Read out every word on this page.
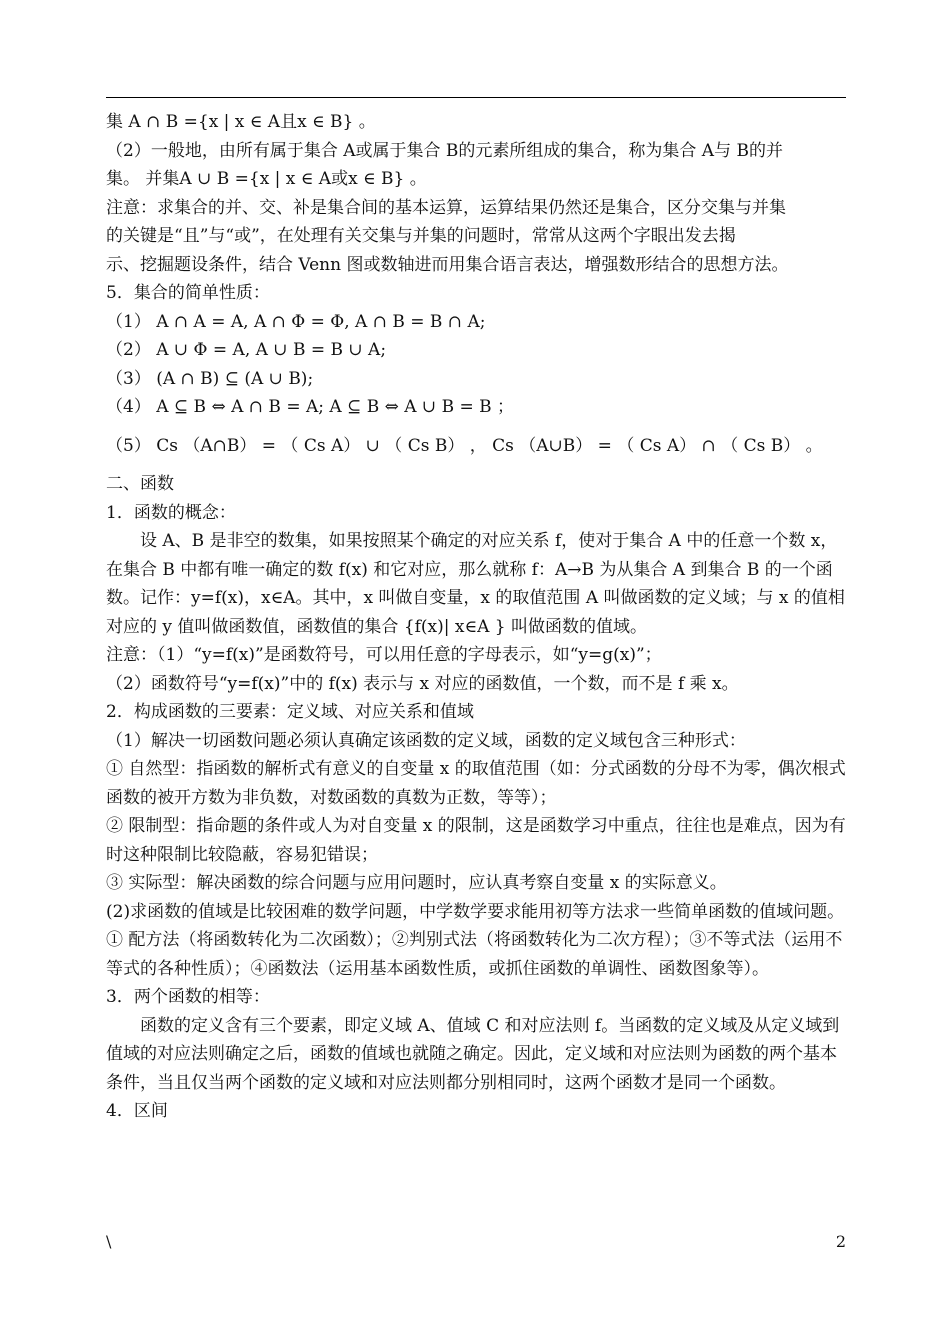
集 A ∩ B ={x | x ∈ A且x ∈ B} 。

（2）一般地，由所有属于集合 A或属于集合 B的元素所组成的集合，称为集合 A与 B的并

集。 并集A ∪ B ={x | x ∈ A或x ∈ B} 。

注意：求集合的并、交、补是集合间的基本运算，运算结果仍然还是集合，区分交集与并集

的关键是“且”与“或”，在处理有关交集与并集的问题时，常常从这两个字眼出发去揭

示、挖掘题设条件，结合 Venn 图或数轴进而用集合语言表达，增强数形结合的思想方法。

5．集合的简单性质：

（1） A ∩ A = A, A ∩ Φ = Φ, A ∩ B = B ∩ A;

（2） A ∪ Φ = A, A ∪ B = B ∪ A;

（3） (A ∩ B) ⊆ (A ∪ B);

（4） A ⊆ B ⇔ A ∩ B = A; A ⊆ B ⇔ A ∪ B = B ；

（5） Cs （A∩B） = （ Cs A） ∪ （ Cs B） ， Cs （A∪B） = （ Cs A） ∩ （ Cs B） 。

二、函数

1．函数的概念：

设 A、B 是非空的数集，如果按照某个确定的对应关系 f，使对于集合 A 中的任意一个数 x，在集合 B 中都有唯一确定的数 f(x) 和它对应，那么就称 f：A→B 为从集合 A 到集合 B 的一个函数。记作：y=f(x)，x∈A。其中，x 叫做自变量，x 的取值范围 A 叫做函数的定义域；与 x 的值相对应的 y 值叫做函数值，函数值的集合 {f(x)| x∈A } 叫做函数的值域。

注意：（1）“y=f(x)”是函数符号，可以用任意的字母表示，如“y=g(x)”；

（2）函数符号“y=f(x)”中的 f(x) 表示与 x 对应的函数值，一个数，而不是 f 乘 x。

2．构成函数的三要素：定义域、对应关系和值域

（1）解决一切函数问题必须认真确定该函数的定义域，函数的定义域包含三种形式：

① 自然型：指函数的解析式有意义的自变量 x 的取值范围（如：分式函数的分母不为零，偶次根式函数的被开方数为非负数，对数函数的真数为正数，等等）；

② 限制型：指命题的条件或人为对自变量 x 的限制，这是函数学习中重点，往往也是难点，因为有时这种限制比较隐蔽，容易犯错误；

③ 实际型：解决函数的综合问题与应用问题时，应认真考察自变量 x 的实际意义。

(2)求函数的值域是比较困难的数学问题，中学数学要求能用初等方法求一些简单函数的值域问题。

① 配方法（将函数转化为二次函数）；②判别式法（将函数转化为二次方程）；③不等式法（运用不等式的各种性质）；④函数法（运用基本函数性质，或抓住函数的单调性、函数图象等）。

3．两个函数的相等：

函数的定义含有三个要素，即定义域 A、值域 C 和对应法则 f。当函数的定义域及从定义域到值域的对应法则确定之后，函数的值域也就随之确定。因此，定义域和对应法则为函数的两个基本条件，当且仅当两个函数的定义域和对应法则都分别相同时，这两个函数才是同一个函数。

4．区间

\	2
